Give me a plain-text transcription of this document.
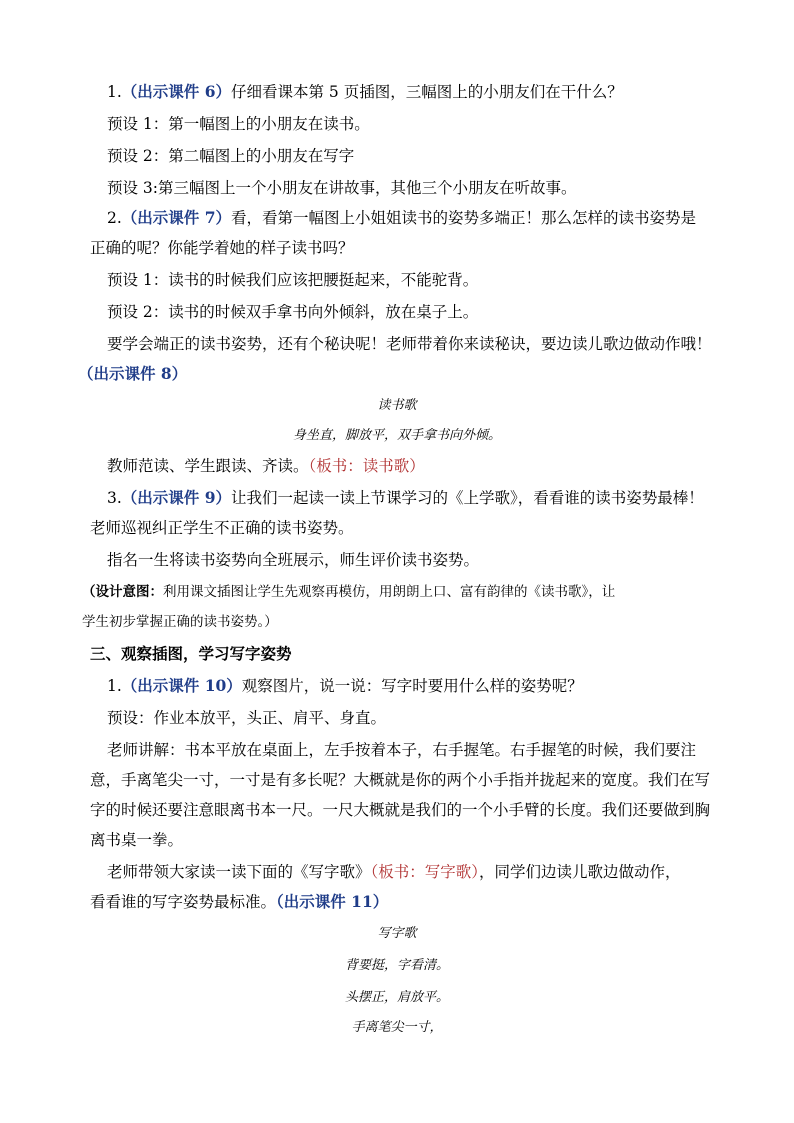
1.（出示课件 6）仔细看课本第 5 页插图，三幅图上的小朋友们在干什么？
预设 1：第一幅图上的小朋友在读书。
预设 2：第二幅图上的小朋友在写字
预设 3:第三幅图上一个小朋友在讲故事，其他三个小朋友在听故事。
2.（出示课件 7）看，看第一幅图上小姐姐读书的姿势多端正！那么怎样的读书姿势是
正确的呢？你能学着她的样子读书吗？
预设 1：读书的时候我们应该把腰挺起来，不能驼背。
预设 2：读书的时候双手拿书向外倾斜，放在桌子上。
要学会端正的读书姿势，还有个秘诀呢！老师带着你来读秘诀，要边读儿歌边做动作哦！
（出示课件 8）
读书歌
身坐直，脚放平，双手拿书向外倾。
教师范读、学生跟读、齐读。（板书：读书歌）
3.（出示课件 9）让我们一起读一读上节课学习的《上学歌》，看看谁的读书姿势最棒！
老师巡视纠正学生不正确的读书姿势。
指名一生将读书姿势向全班展示，师生评价读书姿势。
（设计意图：利用课文插图让学生先观察再模仿，用朗朗上口、富有韵律的《读书歌》，让
学生初步掌握正确的读书姿势。）
三、观察插图，学习写字姿势
1.（出示课件 10）观察图片，说一说：写字时要用什么样的姿势呢？
预设：作业本放平，头正、肩平、身直。
老师讲解：书本平放在桌面上，左手按着本子，右手握笔。右手握笔的时候，我们要注
意，手离笔尖一寸，一寸是有多长呢？大概就是你的两个小手指并拢起来的宽度。我们在写
字的时候还要注意眼离书本一尺。一尺大概就是我们的一个小手臂的长度。我们还要做到胸
离书桌一拳。
老师带领大家读一读下面的《写字歌》（板书：写字歌），同学们边读儿歌边做动作，
看看谁的写字姿势最标准。（出示课件 11）
写字歌
背要挺，字看清。
头摆正，肩放平。
手离笔尖一寸，
